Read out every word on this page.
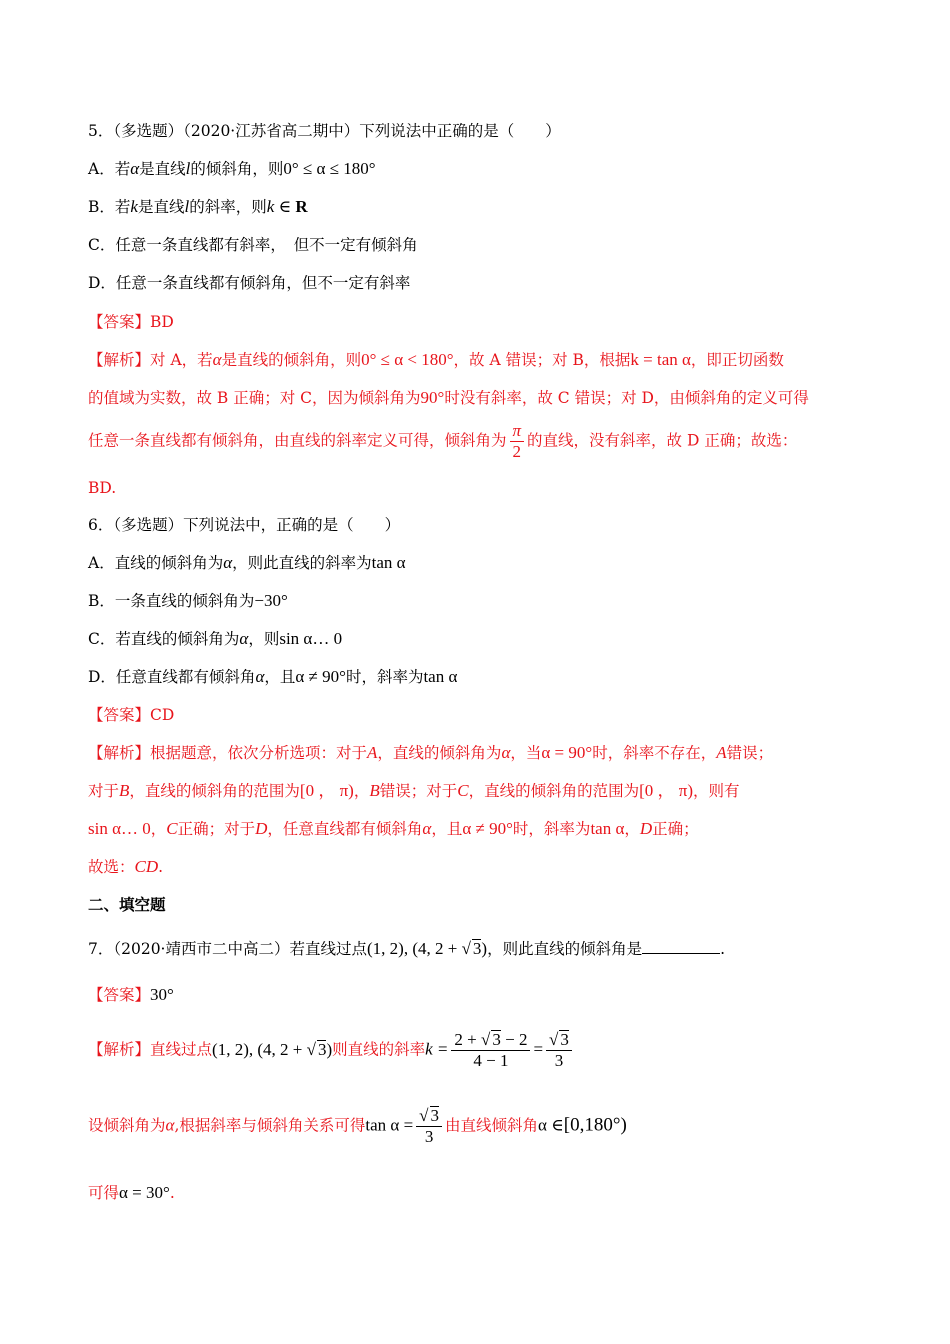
5．（多选题）（2020·江苏省高二期中）下列说法中正确的是（　　）
A．若α是直线l的倾斜角，则0° ≤ α ≤ 180°
B．若k是直线l的斜率，则k ∈ R
C．任意一条直线都有斜率，　但不一定有倾斜角
D．任意一条直线都有倾斜角，但不一定有斜率
【答案】BD
【解析】对 A，若α是直线的倾斜角，则0° ≤ α < 180°，故 A 错误；对 B，根据k = tan α，即正切函数
的值域为实数，故 B 正确；对 C，因为倾斜角为90°时没有斜率，故 C 错误；对 D，由倾斜角的定义可得
任意一条直线都有倾斜角，由直线的斜率定义可得，倾斜角为 $\frac{\pi}{2}$ 的直线，没有斜率，故 D 正确；故选：
BD.
6．（多选题）下列说法中，正确的是（　　）
A．直线的倾斜角为α，则此直线的斜率为tan α
B．一条直线的倾斜角为−30°
C．若直线的倾斜角为α，则sin α… 0
D．任意直线都有倾斜角α，且α ≠ 90°时，斜率为tan α
【答案】CD
【解析】根据题意，依次分析选项：对于A，直线的倾斜角为α，当α = 90°时，斜率不存在，A错误；
对于B，直线的倾斜角的范围为[0 ， π)，B错误；对于C，直线的倾斜角的范围为[0 ， π)，则有
sin α… 0，C正确；对于D，任意直线都有倾斜角α，且α ≠ 90°时，斜率为tan α，D正确；
故选：CD.
二、填空题
7．（2020·靖西市二中高二）若直线过点(1, 2), (4, 2 + √ 3)，则此直线的倾斜角是	.
【答案】30°
【解析】直线过点(1, 2), (4, 2 + √ 3)则直线的斜率$k = \frac{2 + √ 3 - 2}{4 - 1} = \frac{√ 3}{3}$
设倾斜角为α,根据斜率与倾斜角关系可得$\tan \alpha = \frac{√ 3}{3}$ 由直线倾斜角α ∈[0,180°)
可得α = 30°.
